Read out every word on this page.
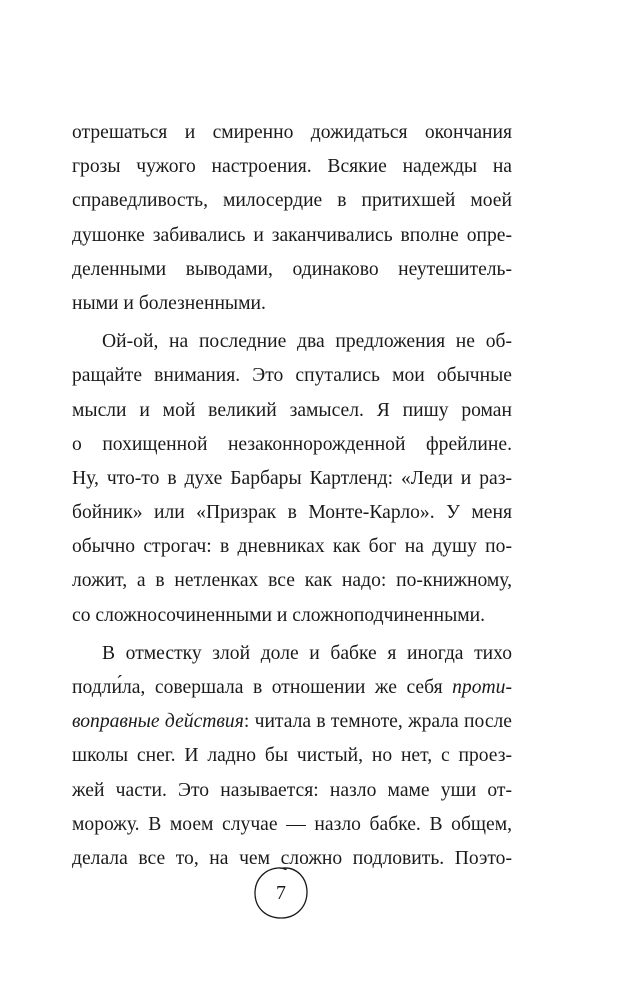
отрешаться и смиренно дожидаться окончания
грозы чужого настроения. Всякие надежды на
справедливость, милосердие в притихшей моей
душонке забивались и заканчивались вполне опре-
деленными выводами, одинаково неутешитель-
ными и болезненными.
Ой-ой, на последние два предложения не об-
ращайте внимания. Это спутались мои обычные
мысли и мой великий замысел. Я пишу роман
о похищенной незаконнорожденной фрейлине.
Ну, что-то в духе Барбары Картленд: «Леди и раз-
бойник» или «Призрак в Монте-Карло». У меня
обычно строгач: в дневниках как бог на душу по-
ложит, а в нетленках все как надо: по-книжному,
со сложносочиненными и сложноподчиненными.
В отместку злой доле и бабке я иногда тихо
подли́ла, совершала в отношении же себя проти-
воправные действия: читала в темноте, жрала после
школы снег. И ладно бы чистый, но нет, с проез-
жей части. Это называется: назло маме уши от-
морожу. В моем случае — назло бабке. В общем,
делала все то, на чем сложно подловить. Поэто-
7
